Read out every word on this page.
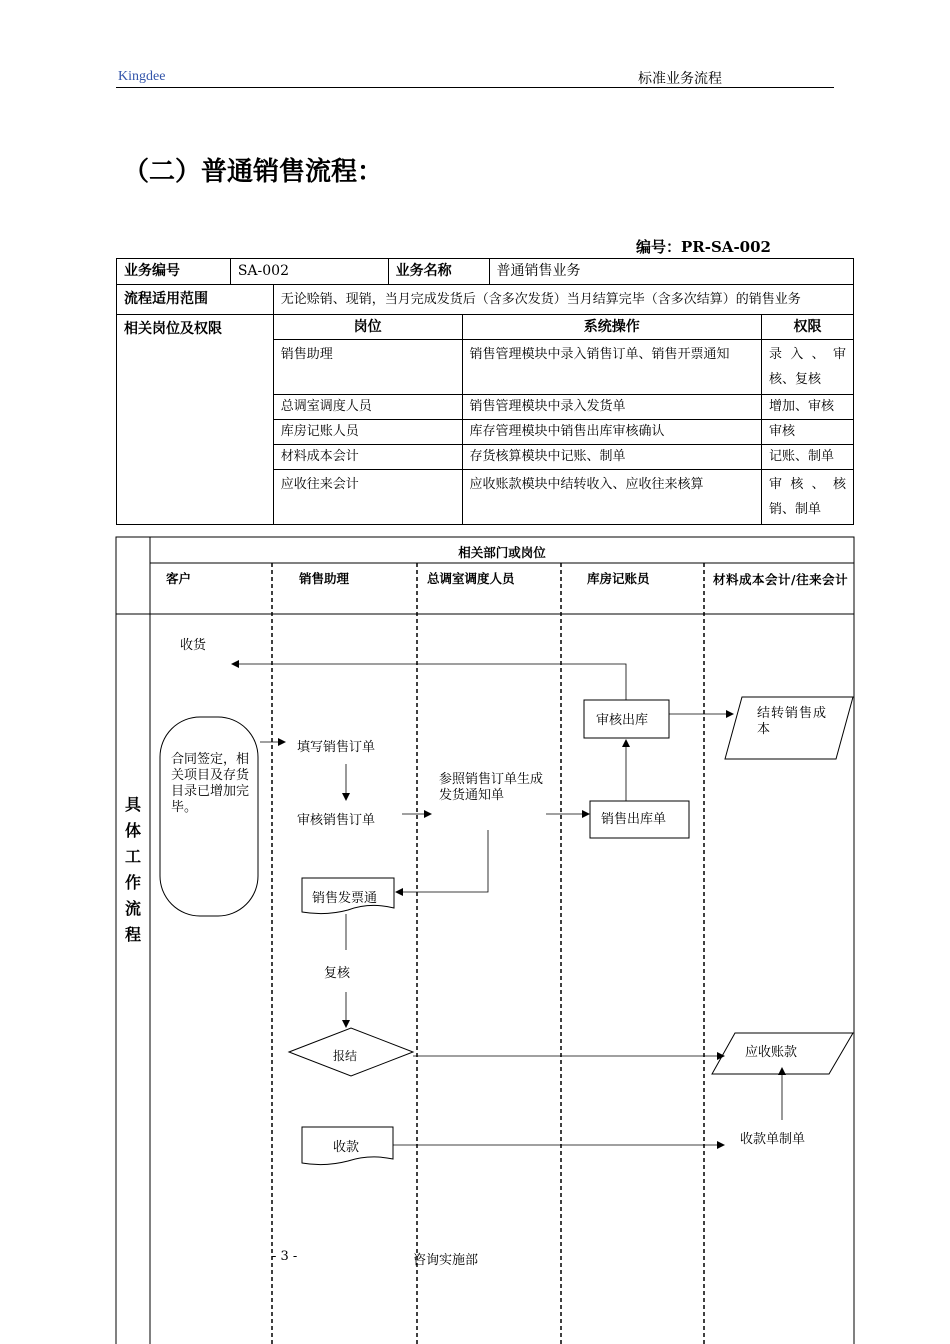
Kingdee	标准业务流程
（二）普通销售流程：
编号：PR-SA-002
业务编号	SA-002		业务名称		普通销售业务	
流程适用范围		无论赊销、现销，当月完成发货后（含多次发货）当月结算完毕（含多次结算）的销售业务				
相关岗位及权限		岗位		系统操作		权限
		销售助理		销售管理模块中录入销售订单、销售开票通知		录入、审核、复核
		总调室调度人员		销售管理模块中录入发货单		增加、审核
		库房记账人员		库存管理模块中销售出库审核确认		审核
		材料成本会计		存货核算模块中记账、制单		记账、制单
		应收往来会计		应收账款模块中结转收入、应收往来核算		审核、核销、制单
相关部门或岗位
客户	销售助理	总调室调度人员	库房记账员	材料成本会计/往来会计
具
体
工
作
流
程
收货
合同签定，相关项目及存货目录已增加完毕。
填写销售订单
审核销售订单
销售发票通
复核
报结
收款
参照销售订单生成发货通知单
审核出库
销售出库单
结转销售成本
应收账款
收款单制单
- 3 -	咨询实施部
